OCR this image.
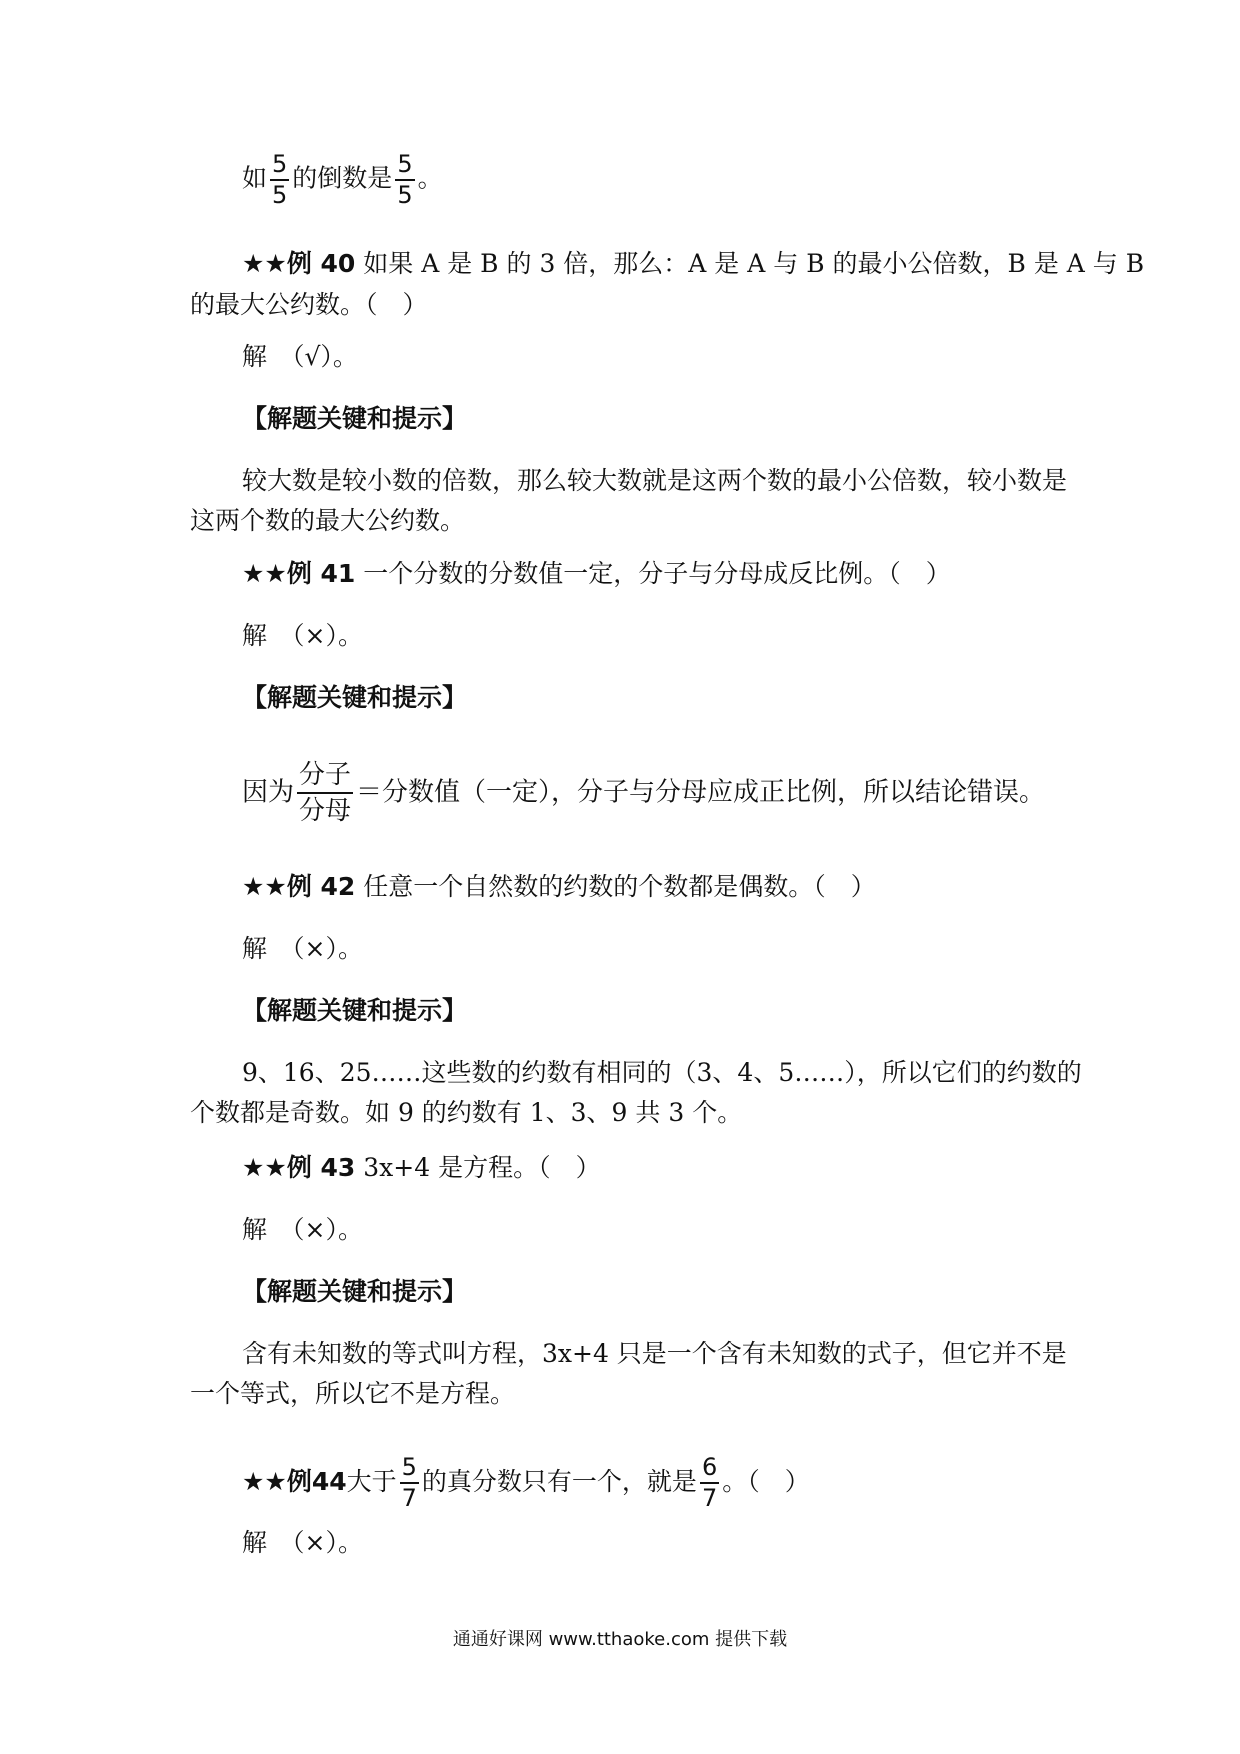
如 $\frac{5}{5}$ 的倒数是 $\frac{5}{5}$ 。
★★例 40 如果 A 是 B 的 3 倍，那么：A 是 A 与 B 的最小公倍数，B 是 A 与 B
的最大公约数。（　）
解　（√）。
【解题关键和提示】
较大数是较小数的倍数，那么较大数就是这两个数的最小公倍数，较小数是
这两个数的最大公约数。
★★例 41 一个分数的分数值一定，分子与分母成反比例。（　）
解　（×）。
【解题关键和提示】
因为 $\frac{\text{分子}}{\text{分母}}$ ＝分数值（一定），分子与分母应成正比例，所以结论错误。
★★例 42 任意一个自然数的约数的个数都是偶数。（　）
解　（×）。
【解题关键和提示】
9、16、25……这些数的约数有相同的（3、4、5……），所以它们的约数的
个数都是奇数。如 9 的约数有 1、3、9 共 3 个。
★★例 43 3x+4 是方程。（　）
解　（×）。
【解题关键和提示】
含有未知数的等式叫方程，3x+4 只是一个含有未知数的式子，但它并不是
一个等式，所以它不是方程。
★★例44大于 $\frac{5}{7}$ 的真分数只有一个，就是 $\frac{6}{7}$ 。（　）
解　（×）。
通通好课网 www.tthaoke.com 提供下载
